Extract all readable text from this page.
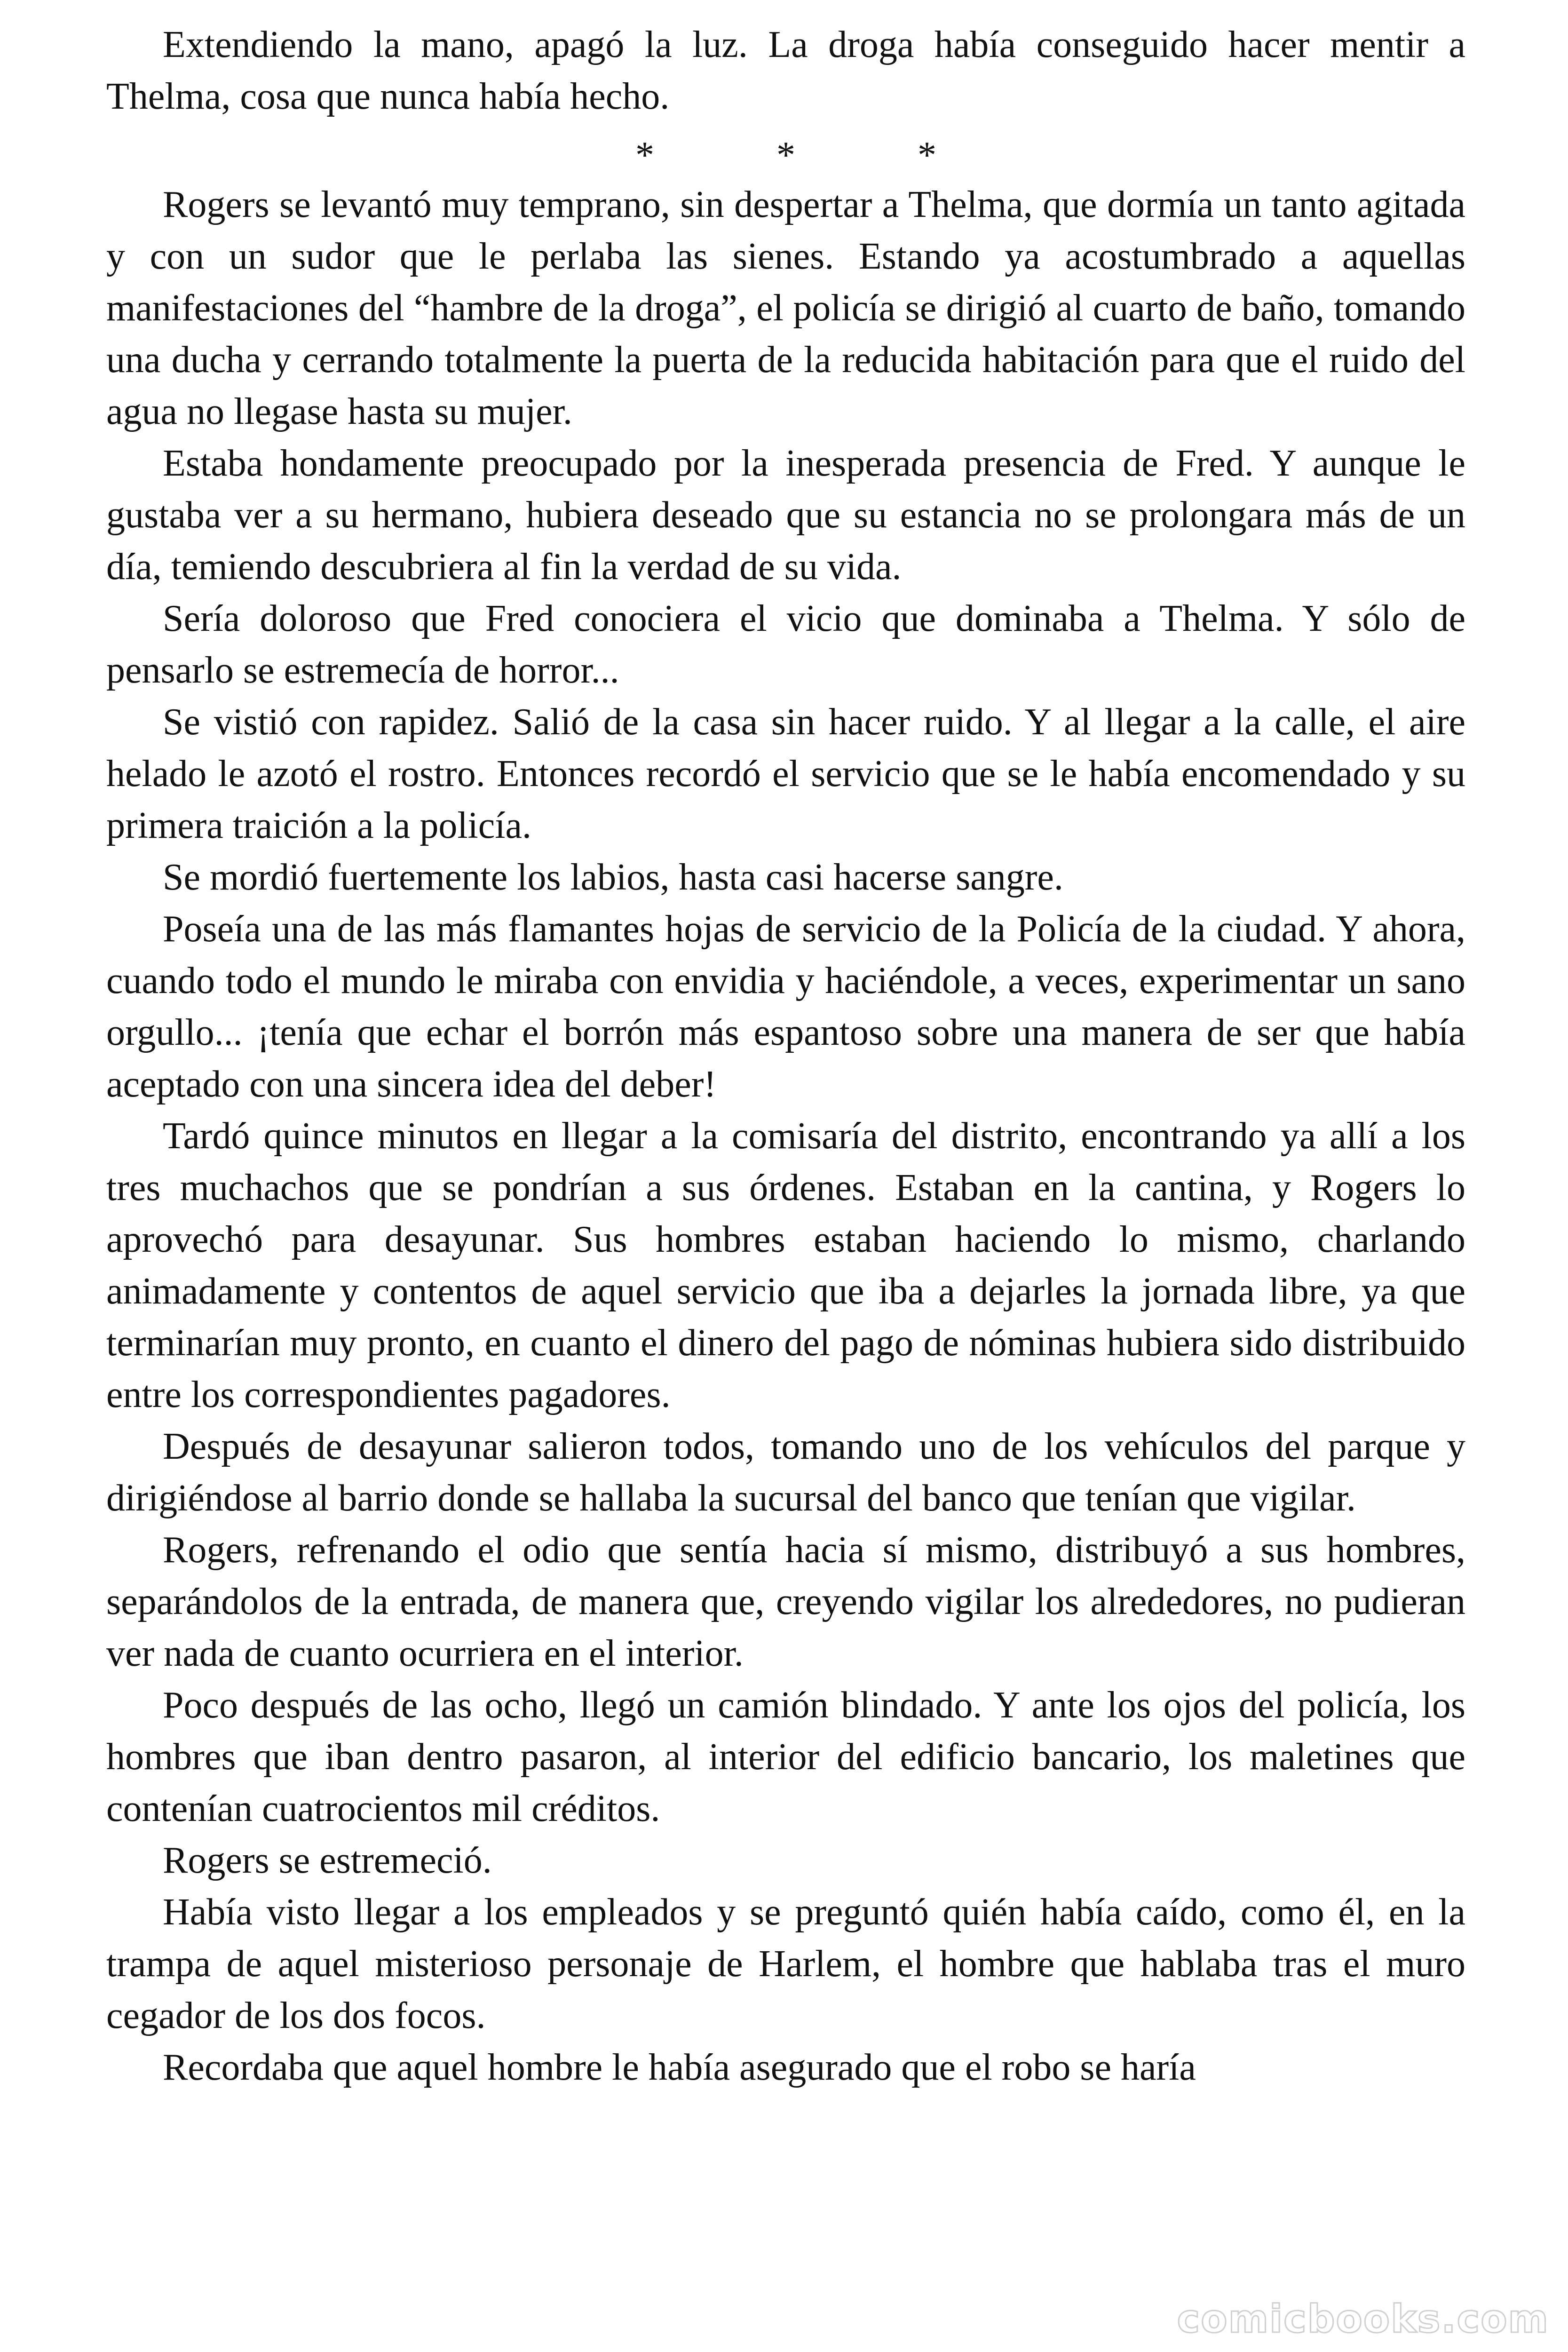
Extendiendo la mano, apagó la luz. La droga había conseguido hacer mentir a Thelma, cosa que nunca había hecho.

* * *

Rogers se levantó muy temprano, sin despertar a Thelma, que dormía un tanto agitada y con un sudor que le perlaba las sienes. Estando ya acostumbrado a aquellas manifestaciones del “hambre de la droga”, el policía se dirigió al cuarto de baño, tomando una ducha y cerrando totalmente la puerta de la reducida habitación para que el ruido del agua no llegase hasta su mujer.

Estaba hondamente preocupado por la inesperada presencia de Fred. Y aunque le gustaba ver a su hermano, hubiera deseado que su estancia no se prolongara más de un día, temiendo descubriera al fin la verdad de su vida.

Sería doloroso que Fred conociera el vicio que dominaba a Thelma. Y sólo de pensarlo se estremecía de horror...

Se vistió con rapidez. Salió de la casa sin hacer ruido. Y al llegar a la calle, el aire helado le azotó el rostro. Entonces recordó el servicio que se le había encomendado y su primera traición a la policía.

Se mordió fuertemente los labios, hasta casi hacerse sangre.

Poseía una de las más flamantes hojas de servicio de la Policía de la ciudad. Y ahora, cuando todo el mundo le miraba con envidia y haciéndole, a veces, experimentar un sano orgullo... ¡tenía que echar el borrón más espantoso sobre una manera de ser que había aceptado con una sincera idea del deber!

Tardó quince minutos en llegar a la comisaría del distrito, encontrando ya allí a los tres muchachos que se pondrían a sus órdenes. Estaban en la cantina, y Rogers lo aprovechó para desayunar. Sus hombres estaban haciendo lo mismo, charlando animadamente y contentos de aquel servicio que iba a dejarles la jornada libre, ya que terminarían muy pronto, en cuanto el dinero del pago de nóminas hubiera sido distribuido entre los correspondientes pagadores.

Después de desayunar salieron todos, tomando uno de los vehículos del parque y dirigiéndose al barrio donde se hallaba la sucursal del banco que tenían que vigilar.

Rogers, refrenando el odio que sentía hacia sí mismo, distribuyó a sus hombres, separándolos de la entrada, de manera que, creyendo vigilar los alrededores, no pudieran ver nada de cuanto ocurriera en el interior.

Poco después de las ocho, llegó un camión blindado. Y ante los ojos del policía, los hombres que iban dentro pasaron, al interior del edificio bancario, los maletines que contenían cuatrocientos mil créditos.

Rogers se estremeció.

Había visto llegar a los empleados y se preguntó quién había caído, como él, en la trampa de aquel misterioso personaje de Harlem, el hombre que hablaba tras el muro cegador de los dos focos.

Recordaba que aquel hombre le había asegurado que el robo se haría

comicbooks.com
